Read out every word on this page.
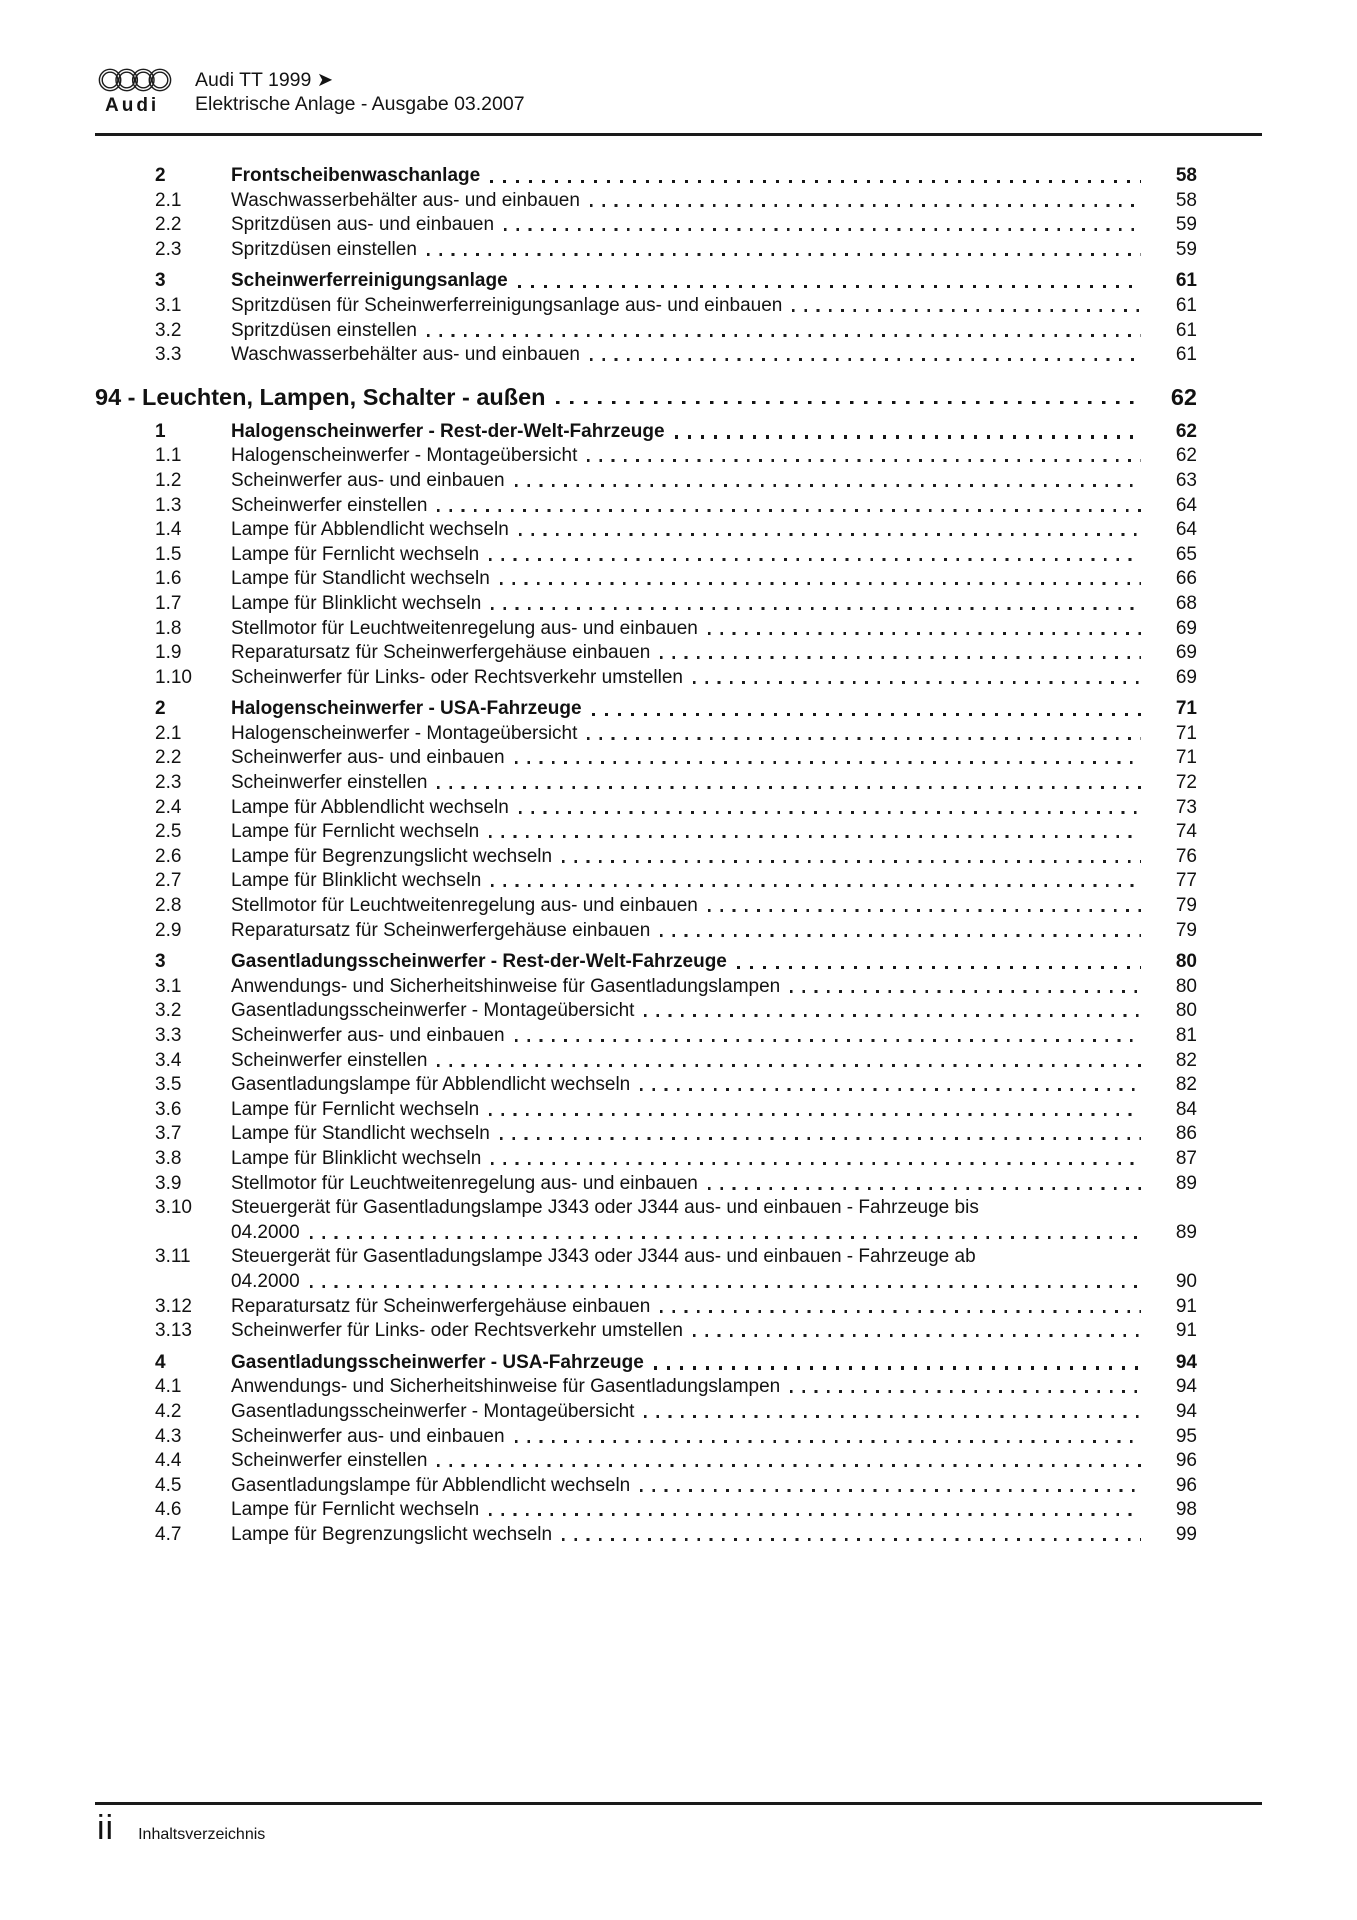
Audi
Audi TT 1999 ➤
Elektrische Anlage - Ausgabe 03.2007
2	Frontscheibenwaschanlage	58
2.1	Waschwasserbehälter aus- und einbauen	58
2.2	Spritzdüsen aus- und einbauen	59
2.3	Spritzdüsen einstellen	59
3	Scheinwerferreinigungsanlage	61
3.1	Spritzdüsen für Scheinwerferreinigungsanlage aus- und einbauen	61
3.2	Spritzdüsen einstellen	61
3.3	Waschwasserbehälter aus- und einbauen	61
94 - Leuchten, Lampen, Schalter - außen	62
1	Halogenscheinwerfer - Rest-der-Welt-Fahrzeuge	62
1.1	Halogenscheinwerfer - Montageübersicht	62
1.2	Scheinwerfer aus- und einbauen	63
1.3	Scheinwerfer einstellen	64
1.4	Lampe für Abblendlicht wechseln	64
1.5	Lampe für Fernlicht wechseln	65
1.6	Lampe für Standlicht wechseln	66
1.7	Lampe für Blinklicht wechseln	68
1.8	Stellmotor für Leuchtweitenregelung aus- und einbauen	69
1.9	Reparatursatz für Scheinwerfergehäuse einbauen	69
1.10	Scheinwerfer für Links- oder Rechtsverkehr umstellen	69
2	Halogenscheinwerfer - USA-Fahrzeuge	71
2.1	Halogenscheinwerfer - Montageübersicht	71
2.2	Scheinwerfer aus- und einbauen	71
2.3	Scheinwerfer einstellen	72
2.4	Lampe für Abblendlicht wechseln	73
2.5	Lampe für Fernlicht wechseln	74
2.6	Lampe für Begrenzungslicht wechseln	76
2.7	Lampe für Blinklicht wechseln	77
2.8	Stellmotor für Leuchtweitenregelung aus- und einbauen	79
2.9	Reparatursatz für Scheinwerfergehäuse einbauen	79
3	Gasentladungsscheinwerfer - Rest-der-Welt-Fahrzeuge	80
3.1	Anwendungs- und Sicherheitshinweise für Gasentladungslampen	80
3.2	Gasentladungsscheinwerfer - Montageübersicht	80
3.3	Scheinwerfer aus- und einbauen	81
3.4	Scheinwerfer einstellen	82
3.5	Gasentladungslampe für Abblendlicht wechseln	82
3.6	Lampe für Fernlicht wechseln	84
3.7	Lampe für Standlicht wechseln	86
3.8	Lampe für Blinklicht wechseln	87
3.9	Stellmotor für Leuchtweitenregelung aus- und einbauen	89
3.10	Steuergerät für Gasentladungslampe J343 oder J344 aus- und einbauen - Fahrzeuge bis
04.2000	89
3.11	Steuergerät für Gasentladungslampe J343 oder J344 aus- und einbauen - Fahrzeuge ab
04.2000	90
3.12	Reparatursatz für Scheinwerfergehäuse einbauen	91
3.13	Scheinwerfer für Links- oder Rechtsverkehr umstellen	91
4	Gasentladungsscheinwerfer - USA-Fahrzeuge	94
4.1	Anwendungs- und Sicherheitshinweise für Gasentladungslampen	94
4.2	Gasentladungsscheinwerfer - Montageübersicht	94
4.3	Scheinwerfer aus- und einbauen	95
4.4	Scheinwerfer einstellen	96
4.5	Gasentladungslampe für Abblendlicht wechseln	96
4.6	Lampe für Fernlicht wechseln	98
4.7	Lampe für Begrenzungslicht wechseln	99
ii Inhaltsverzeichnis
